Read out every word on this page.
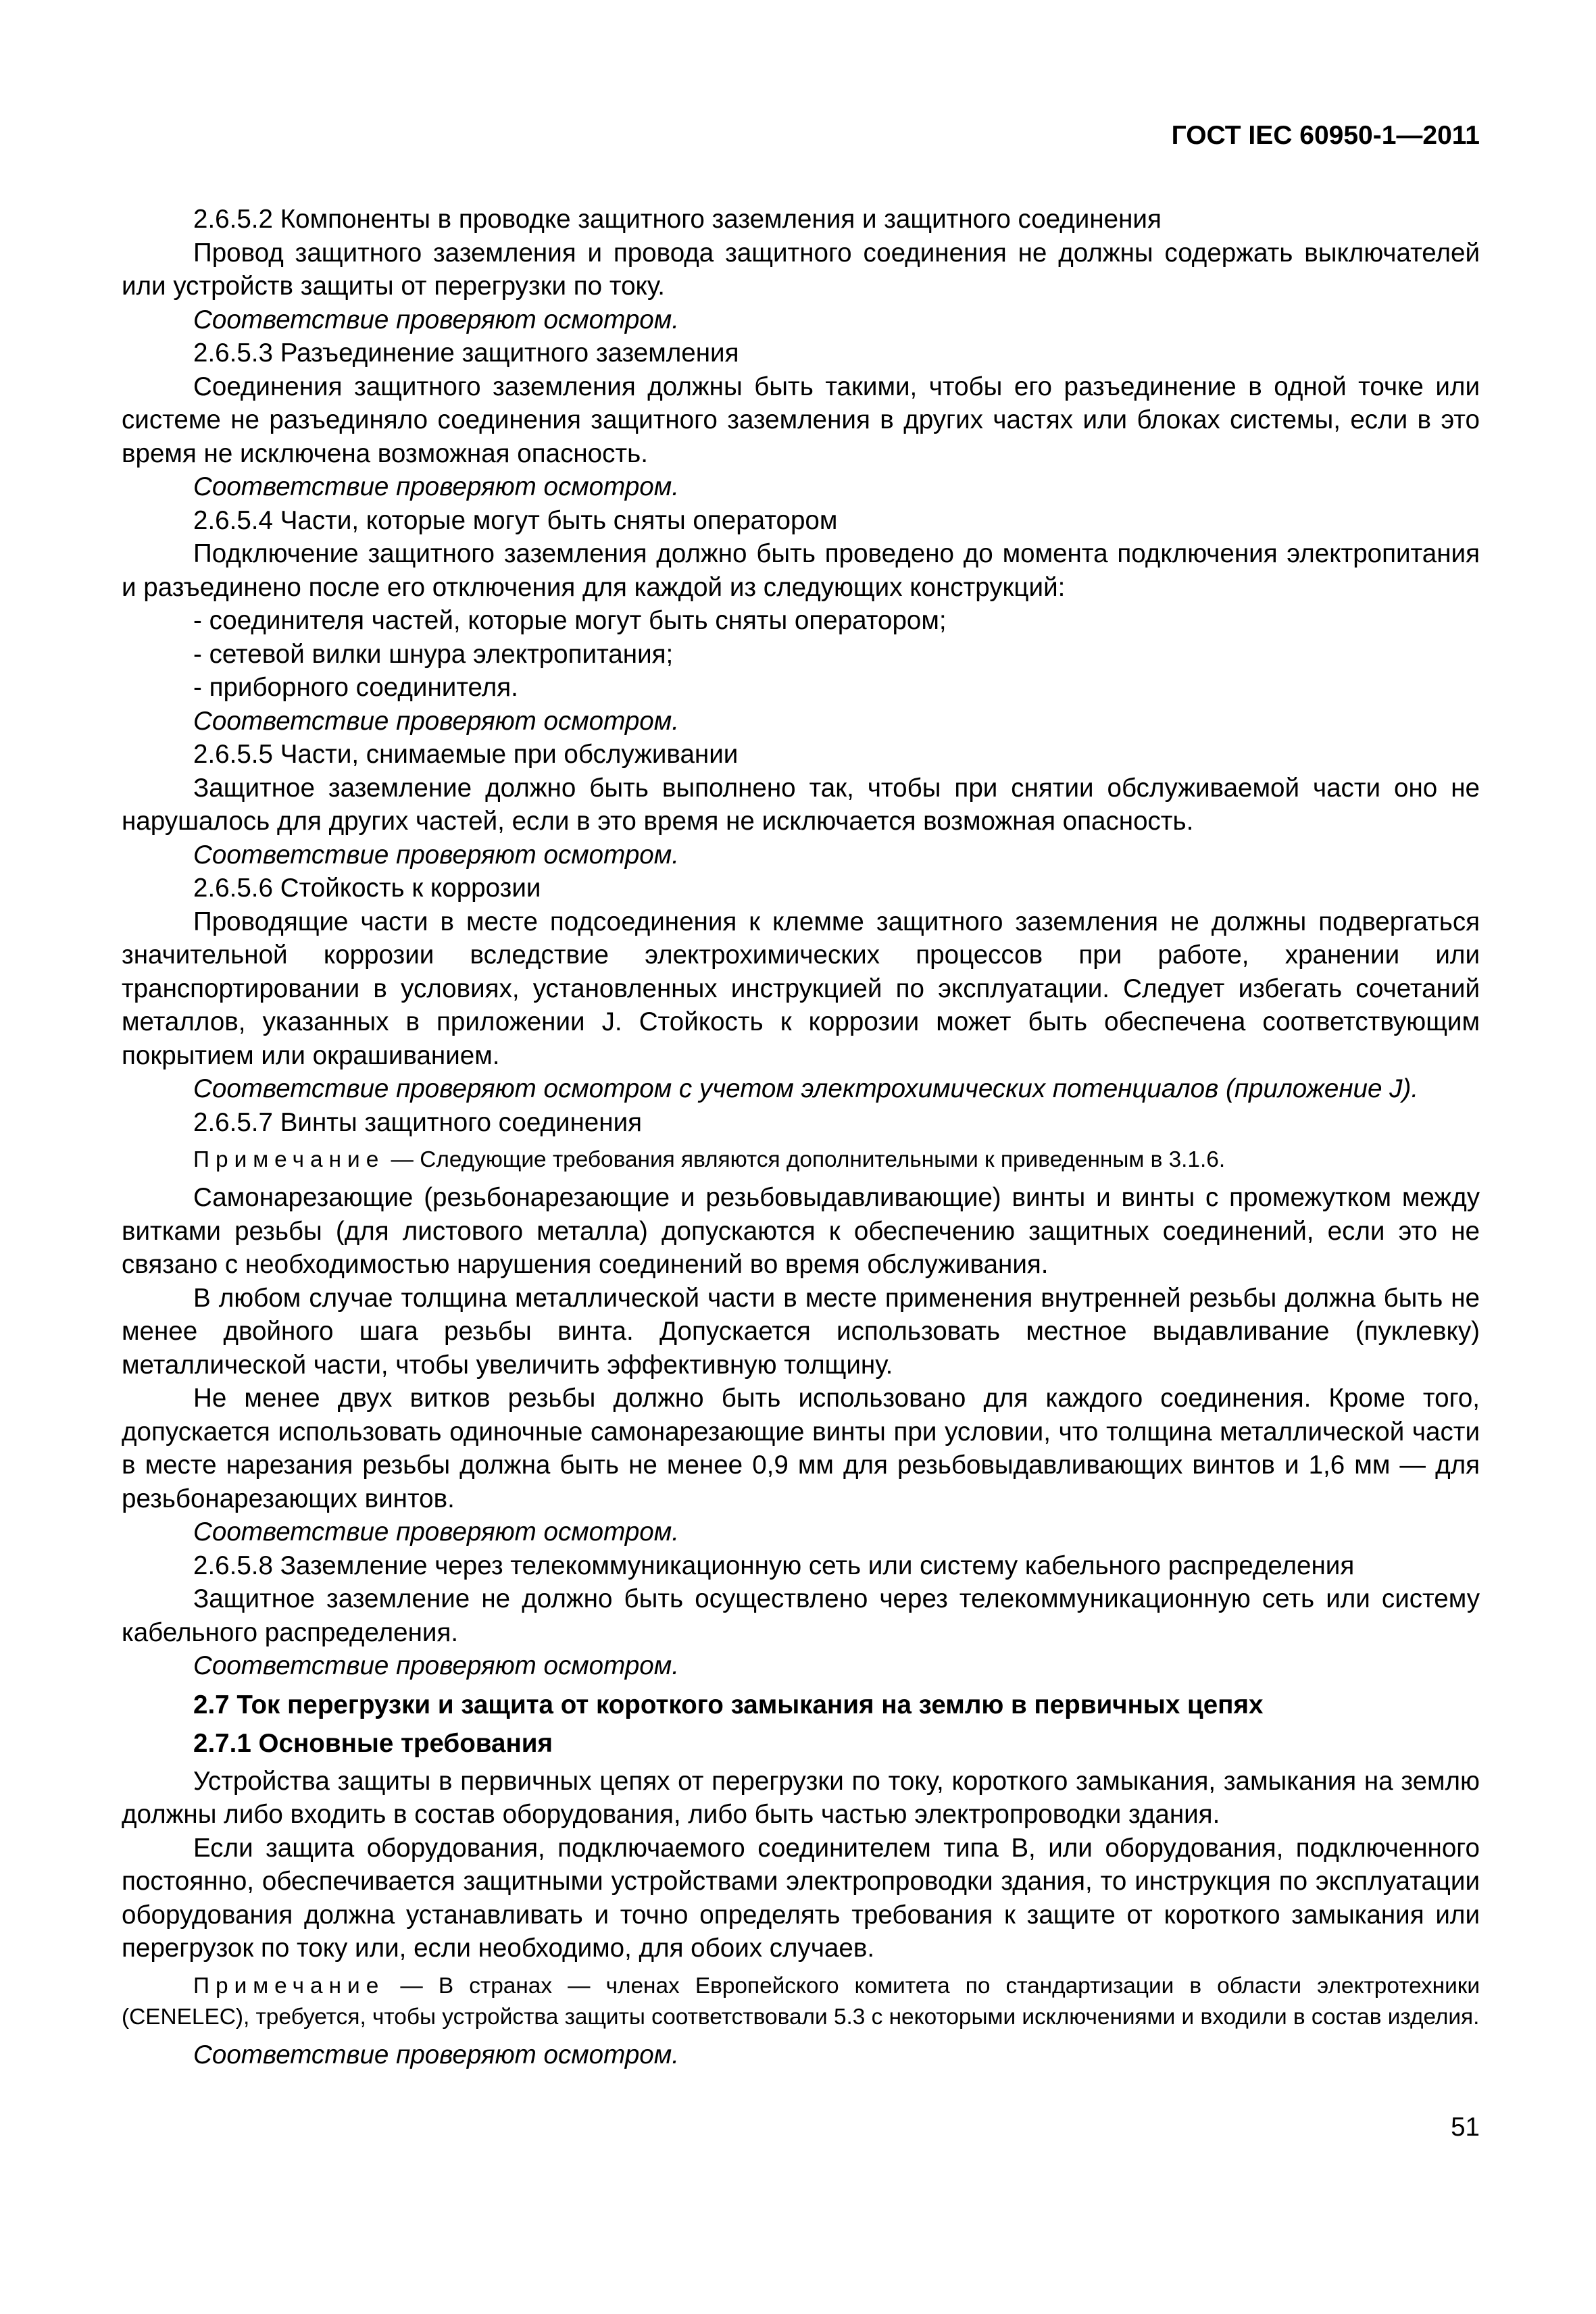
ГОСТ IEC 60950-1—2011

2.6.5.2 Компоненты в проводке защитного заземления и защитного соединения

Провод защитного заземления и провода защитного соединения не должны содержать выключателей или устройств защиты от перегрузки по току.

Соответствие проверяют осмотром.

2.6.5.3 Разъединение защитного заземления

Соединения защитного заземления должны быть такими, чтобы его разъединение в одной точке или системе не разъединяло соединения защитного заземления в других частях или блоках системы, если в это время не исключена возможная опасность.

Соответствие проверяют осмотром.

2.6.5.4 Части, которые могут быть сняты оператором

Подключение защитного заземления должно быть проведено до момента подключения электропитания и разъединено после его отключения для каждой из следующих конструкций:

- соединителя частей, которые могут быть сняты оператором;

- сетевой вилки шнура электропитания;

- приборного соединителя.

Соответствие проверяют осмотром.

2.6.5.5 Части, снимаемые при обслуживании

Защитное заземление должно быть выполнено так, чтобы при снятии обслуживаемой части оно не нарушалось для других частей, если в это время не исключается возможная опасность.

Соответствие проверяют осмотром.

2.6.5.6 Стойкость к коррозии

Проводящие части в месте подсоединения к клемме защитного заземления не должны подвергаться значительной коррозии вследствие электрохимических процессов при работе, хранении или транспортировании в условиях, установленных инструкцией по эксплуатации. Следует избегать сочетаний металлов, указанных в приложении J. Стойкость к коррозии может быть обеспечена соответствующим покрытием или окрашиванием.

Соответствие проверяют осмотром с учетом электрохимических потенциалов (приложение J).

2.6.5.7 Винты защитного соединения

Примечание — Следующие требования являются дополнительными к приведенным в 3.1.6.

Самонарезающие (резьбонарезающие и резьбовыдавливающие) винты и винты с промежутком между витками резьбы (для листового металла) допускаются к обеспечению защитных соединений, если это не связано с необходимостью нарушения соединений во время обслуживания.

В любом случае толщина металлической части в месте применения внутренней резьбы должна быть не менее двойного шага резьбы винта. Допускается использовать местное выдавливание (пуклевку) металлической части, чтобы увеличить эффективную толщину.

Не менее двух витков резьбы должно быть использовано для каждого соединения. Кроме того, допускается использовать одиночные самонарезающие винты при условии, что толщина металлической части в месте нарезания резьбы должна быть не менее 0,9 мм для резьбовыдавливающих винтов и 1,6 мм — для резьбонарезающих винтов.

Соответствие проверяют осмотром.

2.6.5.8 Заземление через телекоммуникационную сеть или систему кабельного распределения

Защитное заземление не должно быть осуществлено через телекоммуникационную сеть или систему кабельного распределения.

Соответствие проверяют осмотром.

2.7 Ток перегрузки и защита от короткого замыкания на землю в первичных цепях

2.7.1 Основные требования

Устройства защиты в первичных цепях от перегрузки по току, короткого замыкания, замыкания на землю должны либо входить в состав оборудования, либо быть частью электропроводки здания.

Если защита оборудования, подключаемого соединителем типа B, или оборудования, подключенного постоянно, обеспечивается защитными устройствами электропроводки здания, то инструкция по эксплуатации оборудования должна устанавливать и точно определять требования к защите от короткого замыкания или перегрузок по току или, если необходимо, для обоих случаев.

Примечание — В странах — членах Европейского комитета по стандартизации в области электротехники (CENELEC), требуется, чтобы устройства защиты соответствовали 5.3 с некоторыми исключениями и входили в состав изделия.

Соответствие проверяют осмотром.

51
